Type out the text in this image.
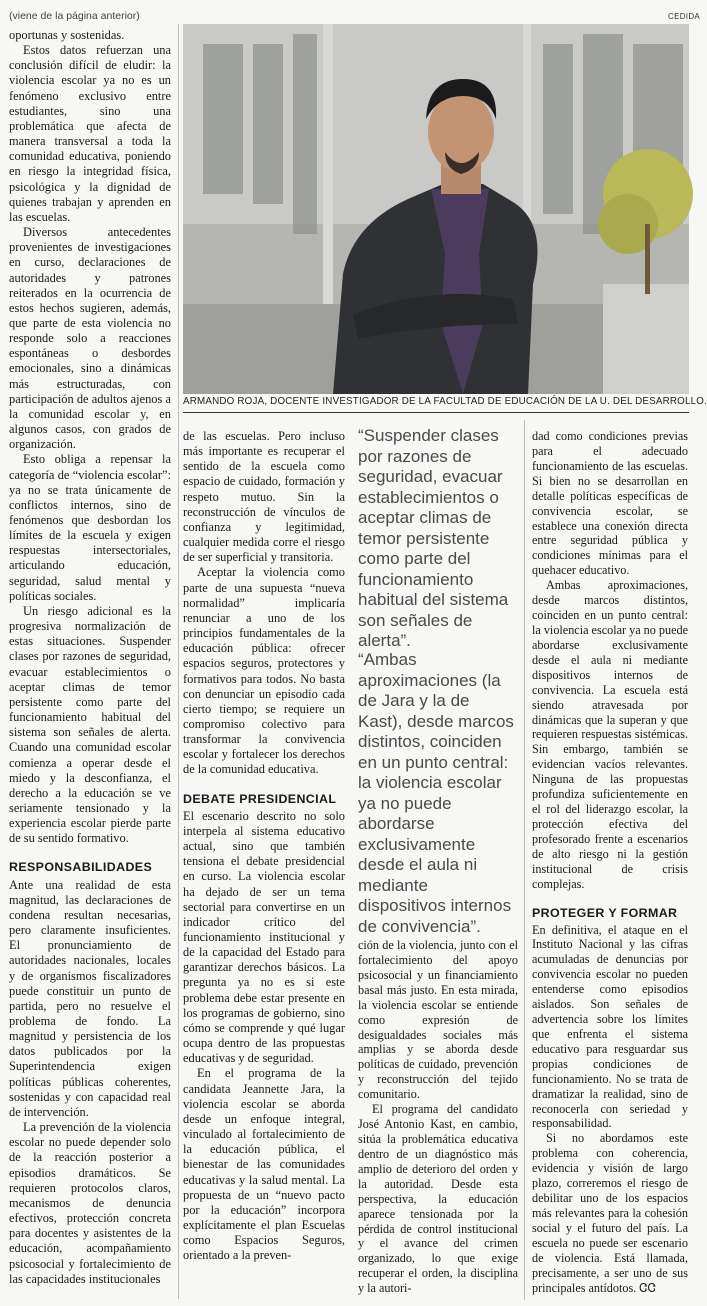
(viene de la página anterior)	CEDIDA
ARMANDO ROJA, DOCENTE INVESTIGADOR DE LA FACULTAD DE EDUCACIÓN DE LA U. DEL DESARROLLO.

oportunas y sostenidas.

Estos datos refuerzan una conclusión difícil de eludir: la violencia escolar ya no es un fenómeno exclusivo entre estudiantes, sino una problemática que afecta de manera transversal a toda la comunidad educativa, poniendo en riesgo la integridad física, psicológica y la dignidad de quienes trabajan y aprenden en las escuelas.

Diversos antecedentes provenientes de investigaciones en curso, declaraciones de autoridades y patrones reiterados en la ocurrencia de estos hechos sugieren, además, que parte de esta violencia no responde solo a reacciones espontáneas o desbordes emocionales, sino a dinámicas más estructuradas, con participación de adultos ajenos a la comunidad escolar y, en algunos casos, con grados de organización.

Esto obliga a repensar la categoría de “violencia escolar”: ya no se trata únicamente de conflictos internos, sino de fenómenos que desbordan los límites de la escuela y exigen respuestas intersectoriales, articulando educación, seguridad, salud mental y políticas sociales.

Un riesgo adicional es la progresiva normalización de estas situaciones. Suspender clases por razones de seguridad, evacuar establecimientos o aceptar climas de temor persistente como parte del funcionamiento habitual del sistema son señales de alerta. Cuando una comunidad escolar comienza a operar desde el miedo y la desconfianza, el derecho a la educación se ve seriamente tensionado y la experiencia escolar pierde parte de su sentido formativo.

RESPONSABILIDADES

Ante una realidad de esta magnitud, las declaraciones de condena resultan necesarias, pero claramente insuficientes. El pronunciamiento de autoridades nacionales, locales y de organismos fiscalizadores puede constituir un punto de partida, pero no resuelve el problema de fondo. La magnitud y persistencia de los datos publicados por la Superintendencia exigen políticas públicas coherentes, sostenidas y con capacidad real de intervención.

La prevención de la violencia escolar no puede depender solo de la reacción posterior a episodios dramáticos. Se requieren protocolos claros, mecanismos de denuncia efectivos, protección concreta para docentes y asistentes de la educación, acompañamiento psicosocial y fortalecimiento de las capacidades institucionales

de las escuelas. Pero incluso más importante es recuperar el sentido de la escuela como espacio de cuidado, formación y respeto mutuo. Sin la reconstrucción de vínculos de confianza y legitimidad, cualquier medida corre el riesgo de ser superficial y transitoria.

Aceptar la violencia como parte de una supuesta “nueva normalidad” implicaría renunciar a uno de los principios fundamentales de la educación pública: ofrecer espacios seguros, protectores y formativos para todos. No basta con denunciar un episodio cada cierto tiempo; se requiere un compromiso colectivo para transformar la convivencia escolar y fortalecer los derechos de la comunidad educativa.

DEBATE PRESIDENCIAL

El escenario descrito no solo interpela al sistema educativo actual, sino que también tensiona el debate presidencial en curso. La violencia escolar ha dejado de ser un tema sectorial para convertirse en un indicador crítico del funcionamiento institucional y de la capacidad del Estado para garantizar derechos básicos. La pregunta ya no es si este problema debe estar presente en los programas de gobierno, sino cómo se comprende y qué lugar ocupa dentro de las propuestas educativas y de seguridad.

En el programa de la candidata Jeannette Jara, la violencia escolar se aborda desde un enfoque integral, vinculado al fortalecimiento de la educación pública, el bienestar de las comunidades educativas y la salud mental. La propuesta de un “nuevo pacto por la educación” incorpora explícitamente el plan Escuelas como Espacios Seguros, orientado a la preven-

“Suspender clases por razones de seguridad, evacuar establecimientos o aceptar climas de temor persistente como parte del funcionamiento habitual del sistema son señales de alerta”.
“Ambas aproximaciones (la de Jara y la de Kast), desde marcos distintos, coinciden en un punto central: la violencia escolar ya no puede abordarse exclusivamente desde el aula ni mediante dispositivos internos de convivencia”.

ción de la violencia, junto con el fortalecimiento del apoyo psicosocial y un financiamiento basal más justo. En esta mirada, la violencia escolar se entiende como expresión de desigualdades sociales más amplias y se aborda desde políticas de cuidado, prevención y reconstrucción del tejido comunitario.

El programa del candidato José Antonio Kast, en cambio, sitúa la problemática educativa dentro de un diagnóstico más amplio de deterioro del orden y la autoridad. Desde esta perspectiva, la educación aparece tensionada por la pérdida de control institucional y el avance del crimen organizado, lo que exige recuperar el orden, la disciplina y la autori-

dad como condiciones previas para el adecuado funcionamiento de las escuelas. Si bien no se desarrollan en detalle políticas específicas de convivencia escolar, se establece una conexión directa entre seguridad pública y condiciones mínimas para el quehacer educativo.

Ambas aproximaciones, desde marcos distintos, coinciden en un punto central: la violencia escolar ya no puede abordarse exclusivamente desde el aula ni mediante dispositivos internos de convivencia. La escuela está siendo atravesada por dinámicas que la superan y que requieren respuestas sistémicas. Sin embargo, también se evidencian vacíos relevantes. Ninguna de las propuestas profundiza suficientemente en el rol del liderazgo escolar, la protección efectiva del profesorado frente a escenarios de alto riesgo ni la gestión institucional de crisis complejas.

PROTEGER Y FORMAR

En definitiva, el ataque en el Instituto Nacional y las cifras acumuladas de denuncias por convivencia escolar no pueden entenderse como episodios aislados. Son señales de advertencia sobre los límites que enfrenta el sistema educativo para resguardar sus propias condiciones de funcionamiento. No se trata de dramatizar la realidad, sino de reconocerla con seriedad y responsabilidad.

Si no abordamos este problema con coherencia, evidencia y visión de largo plazo, correremos el riesgo de debilitar uno de los espacios más relevantes para la cohesión social y el futuro del país. La escuela no puede ser escenario de violencia. Está llamada, precisamente, a ser uno de sus principales antídotos. ᏣᏣ
